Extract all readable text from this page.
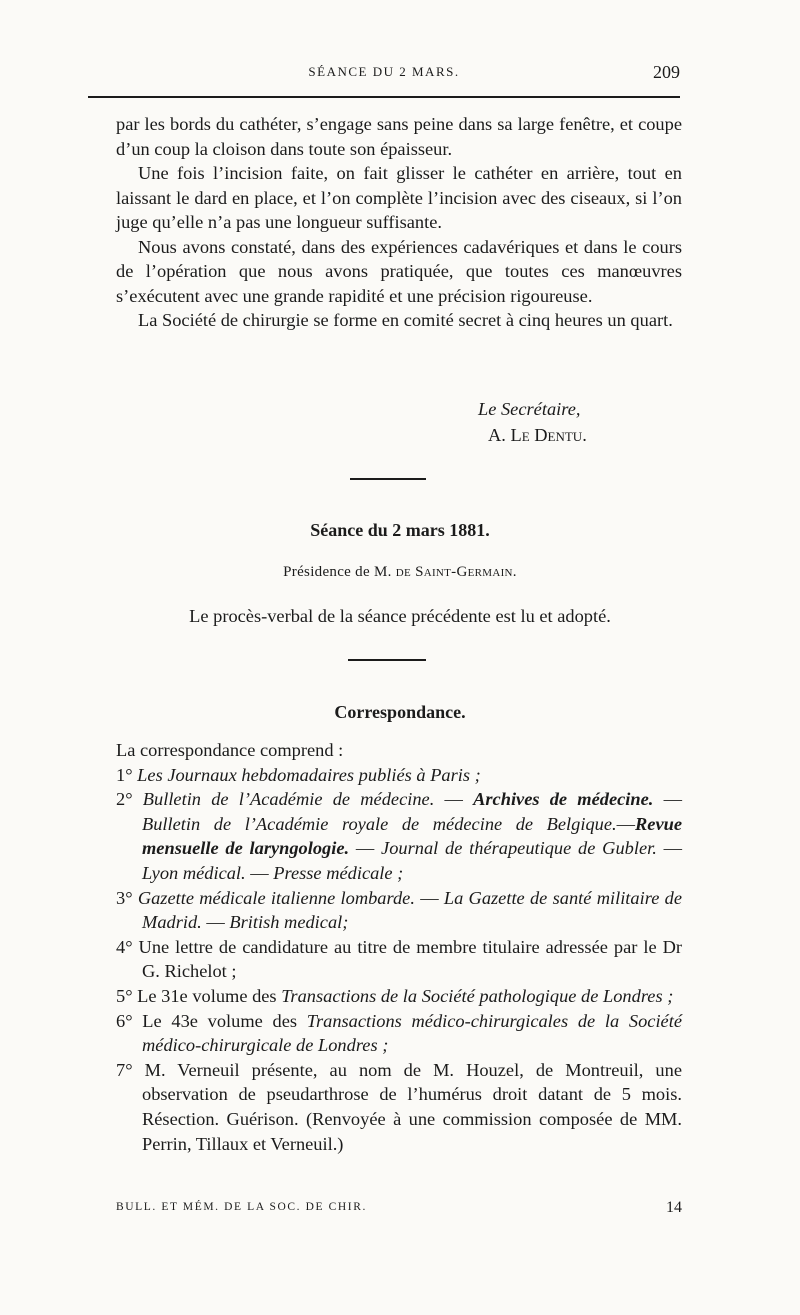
SÉANCE DU 2 MARS.	209

par les bords du cathéter, s’engage sans peine dans sa large fenêtre, et coupe d’un coup la cloison dans toute son épaisseur.

Une fois l’incision faite, on fait glisser le cathéter en arrière, tout en laissant le dard en place, et l’on complète l’incision avec des ciseaux, si l’on juge qu’elle n’a pas une longueur suffisante.

Nous avons constaté, dans des expériences cadavériques et dans le cours de l’opération que nous avons pratiquée, que toutes ces manœuvres s’exécutent avec une grande rapidité et une précision rigoureuse.

La Société de chirurgie se forme en comité secret à cinq heures un quart.

Le Secrétaire,
A. Le Dentu.
Séance du 2 mars 1881.
Présidence de M. de Saint-Germain.
Le procès-verbal de la séance précédente est lu et adopté.
Correspondance.

La correspondance comprend :

1° Les Journaux hebdomadaires publiés à Paris ;

2° Bulletin de l’Académie de médecine. — Archives de médecine. — Bulletin de l’Académie royale de médecine de Belgique.—Revue mensuelle de laryngologie. — Journal de thérapeutique de Gubler. — Lyon médical. — Presse médicale ;

3° Gazette médicale italienne lombarde. — La Gazette de santé militaire de Madrid. — British medical;

4° Une lettre de candidature au titre de membre titulaire adressée par le Dr G. Richelot ;

5° Le 31e volume des Transactions de la Société pathologique de Londres ;

6° Le 43e volume des Transactions médico-chirurgicales de la Société médico-chirurgicale de Londres ;

7° M. Verneuil présente, au nom de M. Houzel, de Montreuil, une observation de pseudarthrose de l’humérus droit datant de 5 mois. Résection. Guérison. (Renvoyée à une commission composée de MM. Perrin, Tillaux et Verneuil.)

BULL. ET MÉM. DE LA SOC. DE CHIR.	14
